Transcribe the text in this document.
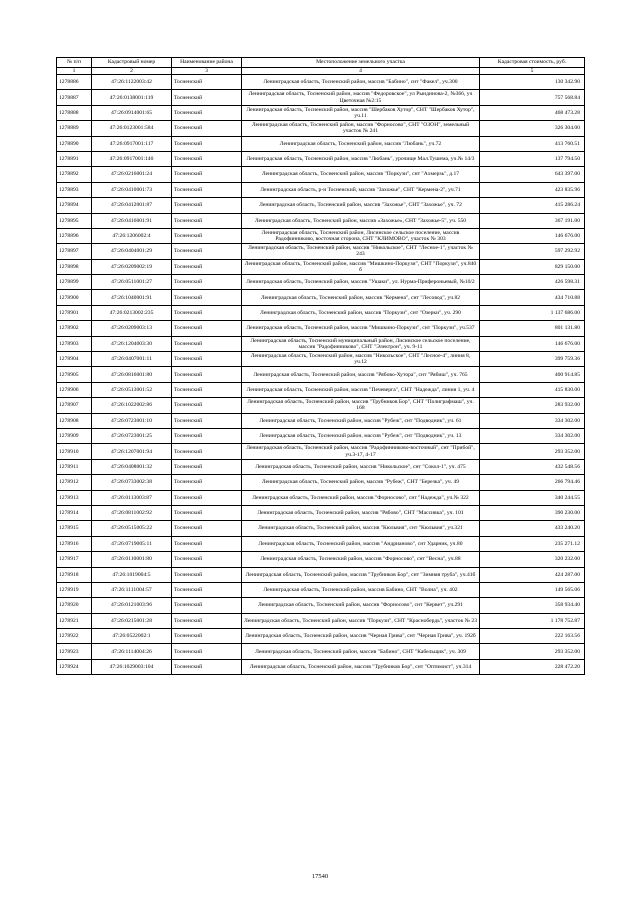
№ п/п	Кадастровый номер	Наименование района	Местоположение земельного участка	Кадастровая стоимость, руб.
1	2	3	4	5
1278886	47:26:1122003:42	Тосненский	Ленинградская область, Тосненский район, массив "Бабино", снт "Факел", уч.300	130 342.90
1278887	47:26:0138001:119	Тосненский	Ленинградская область, Тосненский район, массив "Федоровское", ул Рындинова-2, №366, уч Цветочная №2:15	757 568.84
1278888	47:26:0914001:65	Тосненский	Ленинградская область, Тосненский район, массив "Шербаков Хутор", СНТ "Шербаков Хутор", уч.11	468 473.28
1278889	47:26:0123001:584	Тосненский	Ленинградская область, Тосненский район, массив "Форносово", СНТ "ОЗОН", земельный участок № 241	326 304.00
1278890	47:26:0917001:117	Тосненский	Ленинградская область, Тосненский район, массив "Любань", уч.72	413 760.51
1278891	47:26:0917001:140	Тосненский	Ленинградская область, Тосненский район, массив "Любань", урочище Мал.Тушема, уч.№ 14/3	137 794.50
1278892	47:26:0216001:24	Тосненский	Ленинградская область, Тосненский район, массив "Поркузи", снт "Ахмерзь", д.17	643 397.00
1278893	47:26:0410001:73	Тосненский	Ленинградская область, р-н Тосненский, массив "Захожье", СНТ "Кермена-2", уч.71	423 835.96
1278894	47:26:0412001:87	Тосненский	Ленинградская область, Тосненский район, массив "Захожье", СНТ "Захожье", уч. 72	415 286.24
1278895	47:26:0416001:91	Тосненский	Ленинградская область, Тосненский район, массив «Захожье», СНТ "Захожье-5", уч. 550	367 191.00
1278896	47:26:1206002:4	Тосненский	Ленинградская область, Тосненский район, Лисинское сельское поселение, массив Радофинниково, восточная сторона, СНТ "КЛИМОВО", участок № 303	146 676.00
1278897	47:26:0404001:29	Тосненский	Ленинградская область, Тосненский район, массив "Никольское", СНТ "Лесное-1", участок № 243	597 292.92
1278898	47:26:0209002:19	Тосненский	Ленинградская область, Тосненский район, массив "Мишкино-Поркузи", СНТ "Поркузи", уч.840 б	829 150.00
1278899	47:26:0511001:27	Тосненский	Ленинградская область, Тосненский район, массив "Ушаки", ул. Нурма-Прифероньевый, №10/2	426 598.31
1278900	47:26:1040001:91	Тосненский	Ленинградская область, Тосненский район, массив "Кермена", снт "Лесовод", уч.82	434 710.88
1278901	47:26:0213002:235	Тосненский	Ленинградская область, Тосненский район, массив "Поркузи", снт "Озерки", уч. 290	1 137 686.00
1278902	47:26:0209003:13	Тосненский	Ленинградская область, Тосненский район, массив "Мишкино-Поркузи", снт "Поркузи", уч.537	801 131.80
1278903	47:26:1204003:30	Тосненский	Ленинградская область, Тосненский муниципальный район, Лисинское сельское поселение, массив "Радофинниково", СНТ "Электрон", уч. 9-11	146 676.00
1278904	47:26:0407001:11	Тосненский	Ленинградская область, Тосненский район, массив "Никольское", СНТ "Лесное-4", линия 8, уч.12	399 759.36
1278905	47:26:0816001:80	Тосненский	Ленинградская область, Тосненский район, массив "Рябово-Хутора", снт "Рябиш", уч. 765	400 914.85
1278906	47:26:0513001:52	Тосненский	Ленинградская область, Тосненский район, массив "Печеверга", СНТ "Надежда", линия 1, уч. 4	415 830.00
1278907	47:26:1022002:86	Тосненский	Ленинградская область, Тосненский район, массив "Трубников Бор", СНТ "Полиграфмаш", уч. 168	283 932.00
1278908	47:26:0723001:10	Тосненский	Ленинградская область, Тосненский район, массив "Рубеж", снт "Подводник", уч. 61	334 302.00
1278909	47:26:0723001:25	Тосненский	Ленинградская область, Тосненский район, массив "Рубеж", снт "Подводник", уч. 13	334 302.00
1278910	47:26:1207001:94	Тосненский	Ленинградская область, Тосненский район, массив "Радофинниково-восточный", снт "Прибой", уч.3-17, 4-17	293 352.00
1278911	47:26:0408001:32	Тосненский	Ленинградская область, Тосненский район, массив "Никольское", снт "Сокол-1", уч. 475	432 548.56
1278912	47:26:0733002:38	Тосненский	Ленинградская область, Тосненский район, массив "Рубеж", СНТ "Березка", уч. 49	266 794.46
1278913	47:26:0113003:87	Тосненский	Ленинградская область, Тосненский район, массив "Форносово", снт "Надежда", уч.№ 322	340 244.55
1278914	47:26:0811002:92	Тосненский	Ленинградская область, Тосненский район, массив "Рябово", СНТ "Массивка", уч. 101	390 230.00
1278915	47:26:0515005:22	Тосненский	Ленинградская область, Тосненский район, массив "Кюльвия", снт "Кюльвия", уч.321	433 240.20
1278916	47:26:0719005:11	Тосненский	Ленинградская область, Тосненский район, массив "Андрианово", снт Ударник, уч.80	235 271.12
1278917	47:26:0110001:80	Тосненский	Ленинградская область, Тосненский район, массив "Форносово", снт "Весна", уч.88	320 232.00
1278918	47:26:1019004:5	Тосненский	Ленинградская область, Тосненский район, массив "Трубников Бор", снт "Зимняя труба", уч.41б	424 287.00
1278919	47:26:1111004:57	Тосненский	Ленинградская область, Тосненский район, массив Бабино, СНТ "Волна", уч. 402	149 565.06
1278920	47:26:0121003:96	Тосненский	Ленинградская область, Тосненский район, массив "Форносово", снт "Кервет", уч.291	358 934.40
1278921	47:26:0215001:28	Тосненский	Ленинградская область, Тосненский район, массив "Поркузи", СНТ "Краснобердь", участок № 23	1 178 752.87
1278922	47:26:0522002:1	Тосненский	Ленинградская область, Тосненский район, массив "Черная Грива", снт "Черная Грива", уч. 192б	222 163.56
1278923	47:26:1114004:26	Тосненский	Ленинградская область, Тосненский район, массив "Бабино", СНТ "Кабельщик", уч. 309	293 352.00
1278924	47:26:1029003:104	Тосненский	Ленинградская область, Тосненский район, массив "Трубников Бор", снт "Оптимист", уч.314	228 472.20
17540
